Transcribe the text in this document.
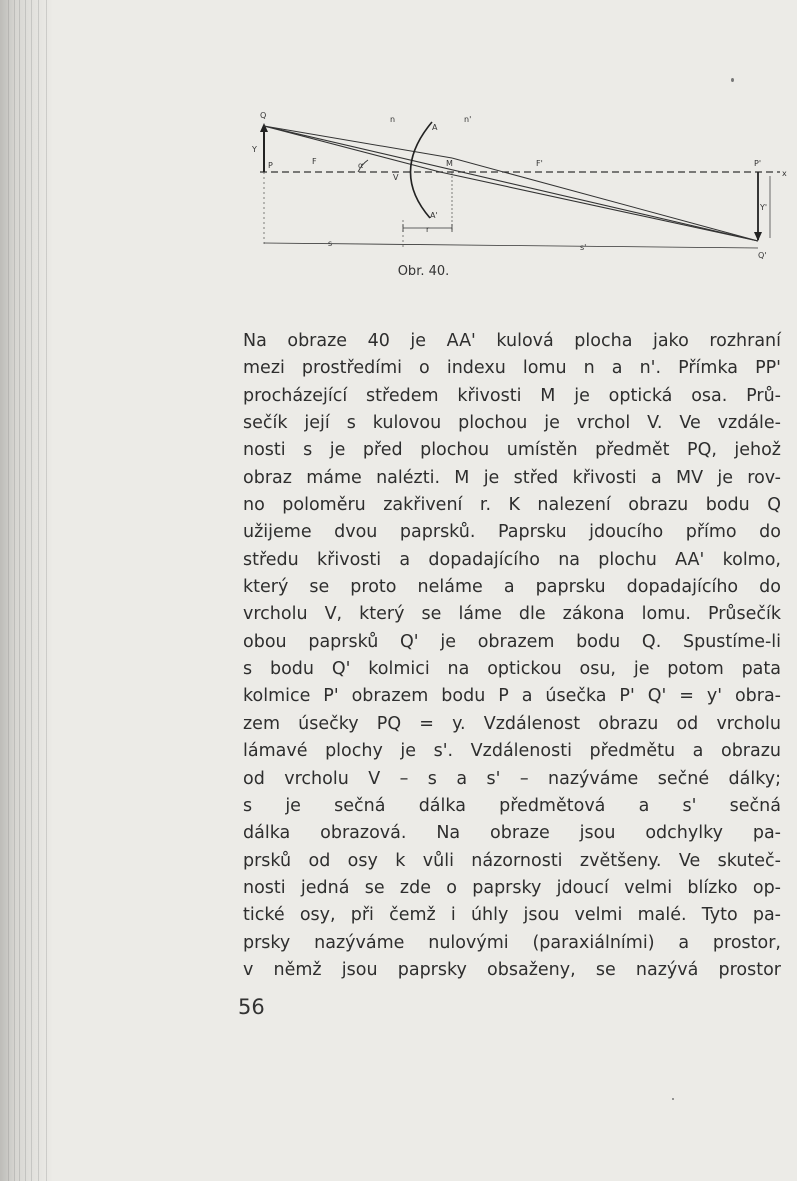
Q
Y
P	F	α
n
A
n'
V
M	F'	P'
x
Y'
A'
r
s	s'
Q'
Obr. 40.
Na obraze 40 je AA' kulová plocha jako rozhraní
mezi prostředími o indexu lomu n a n'. Přímka PP'
procházející středem křivosti M je optická osa. Prů-
sečík její s kulovou plochou je vrchol V. Ve vzdále-
nosti s je před plochou umístěn předmět PQ, jehož
obraz máme nalézti. M je střed křivosti a MV je rov-
no poloměru zakřivení r. K nalezení obrazu bodu Q
užijeme dvou paprsků. Paprsku jdoucího přímo do
středu křivosti a dopadajícího na plochu AA' kolmo,
který se proto neláme a paprsku dopadajícího do
vrcholu V, který se láme dle zákona lomu. Průsečík
obou paprsků Q' je obrazem bodu Q. Spustíme-li
s bodu Q' kolmici na optickou osu, je potom pata
kolmice P' obrazem bodu P a úsečka P' Q' = y' obra-
zem úsečky PQ = y. Vzdálenost obrazu od vrcholu
lámavé plochy je s'. Vzdálenosti předmětu a obrazu
od vrcholu V – s a s' – nazýváme sečné dálky;
s je sečná dálka předmětová a s' sečná
dálka obrazová. Na obraze jsou odchylky pa-
prsků od osy k vůli názornosti zvětšeny. Ve skuteč-
nosti jedná se zde o paprsky jdoucí velmi blízko op-
tické osy, při čemž i úhly jsou velmi malé. Tyto pa-
prsky nazýváme nulovými (paraxiálními) a prostor,
v němž jsou paprsky obsaženy, se nazývá prostor
56
